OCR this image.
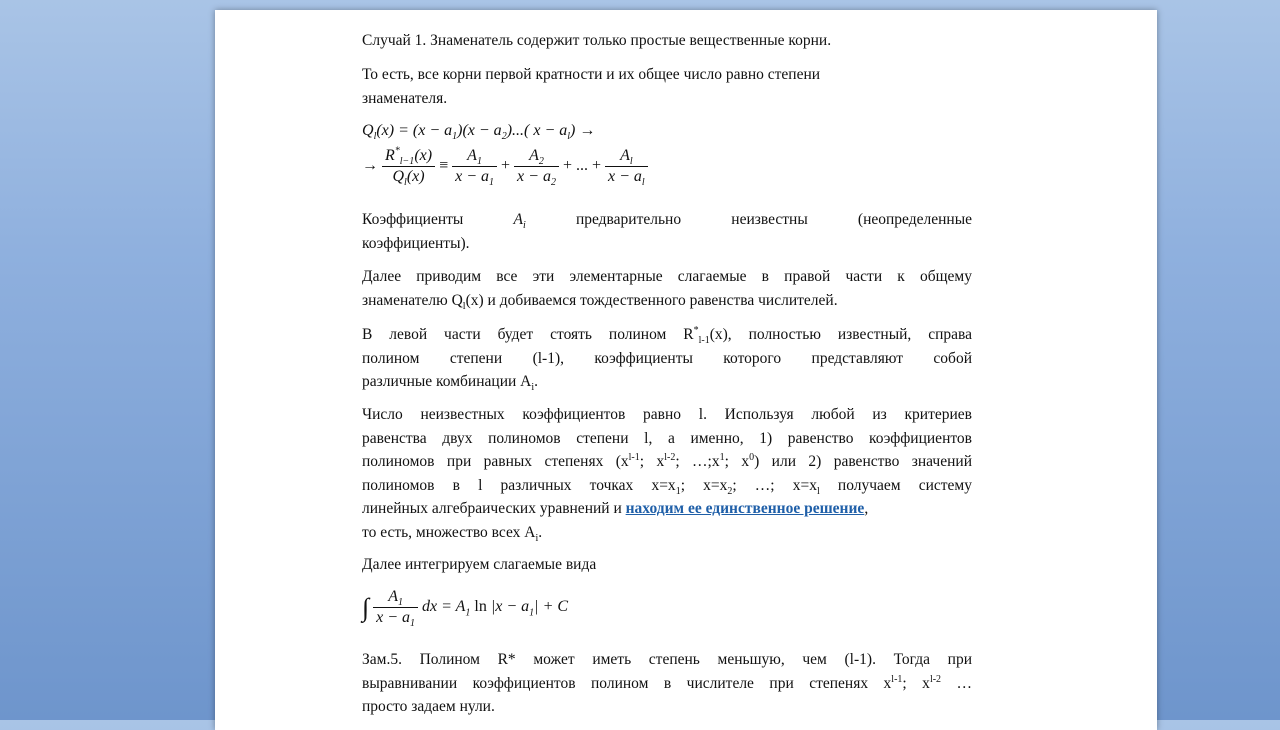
Случай 1. Знаменатель содержит только простые вещественные корни.
То есть, все корни первой кратности и их общее число равно степени
знаменателя.
$Q_l(x) = (x - a_1)(x - a_2)$...( $x - a_l$) →
→ $\frac{R^*_{l-1}(x)}{Q_l(x)} \equiv \frac{A_1}{x - a_1} + \frac{A_2}{x - a_2}$ + ... + $\frac{A_l}{x - a_l}$
Коэффициенты	$A_i$	предварительно	неизвестны	(неопределенные
коэффициенты).
Далее приводим все эти элементарные слагаемые в правой части к общему
знаменателю $Q_l(x)$ и добиваемся тождественного равенства числителей.
В левой части будет стоять полином $R^*_{l-1}(x)$, полностью известный, справа
полином степени (l-1), коэффициенты которого представляют собой
различные комбинации $A_i$.
Число неизвестных коэффициентов равно l. Используя любой из критериев
равенства двух полиномов степени l, а именно, 1) равенство коэффициентов
полиномов при равных степенях ($x^{l-1}$; $x^{l-2}$; $\dots;x^1$; $x^0$) или 2) равенство значений
полиномов в l различных точках $x=x_1$; $x=x_2$; …; $x=x_l$ получаем систему
линейных алгебраических уравнений и находим ее единственное решение,
то есть, множество всех $A_i$.
Далее интегрируем слагаемые вида
∫ $\frac{A_1}{x - a_1}$ dx = $A_1$ $\ln |x - a_1| + C$
Зам.5. Полином R* может иметь степень меньшую, чем (l-1). Тогда при
выравнивании коэффициентов полином в числителе при степенях $x^{l-1}$; $x^{l-2}$ …
просто задаем нули.
